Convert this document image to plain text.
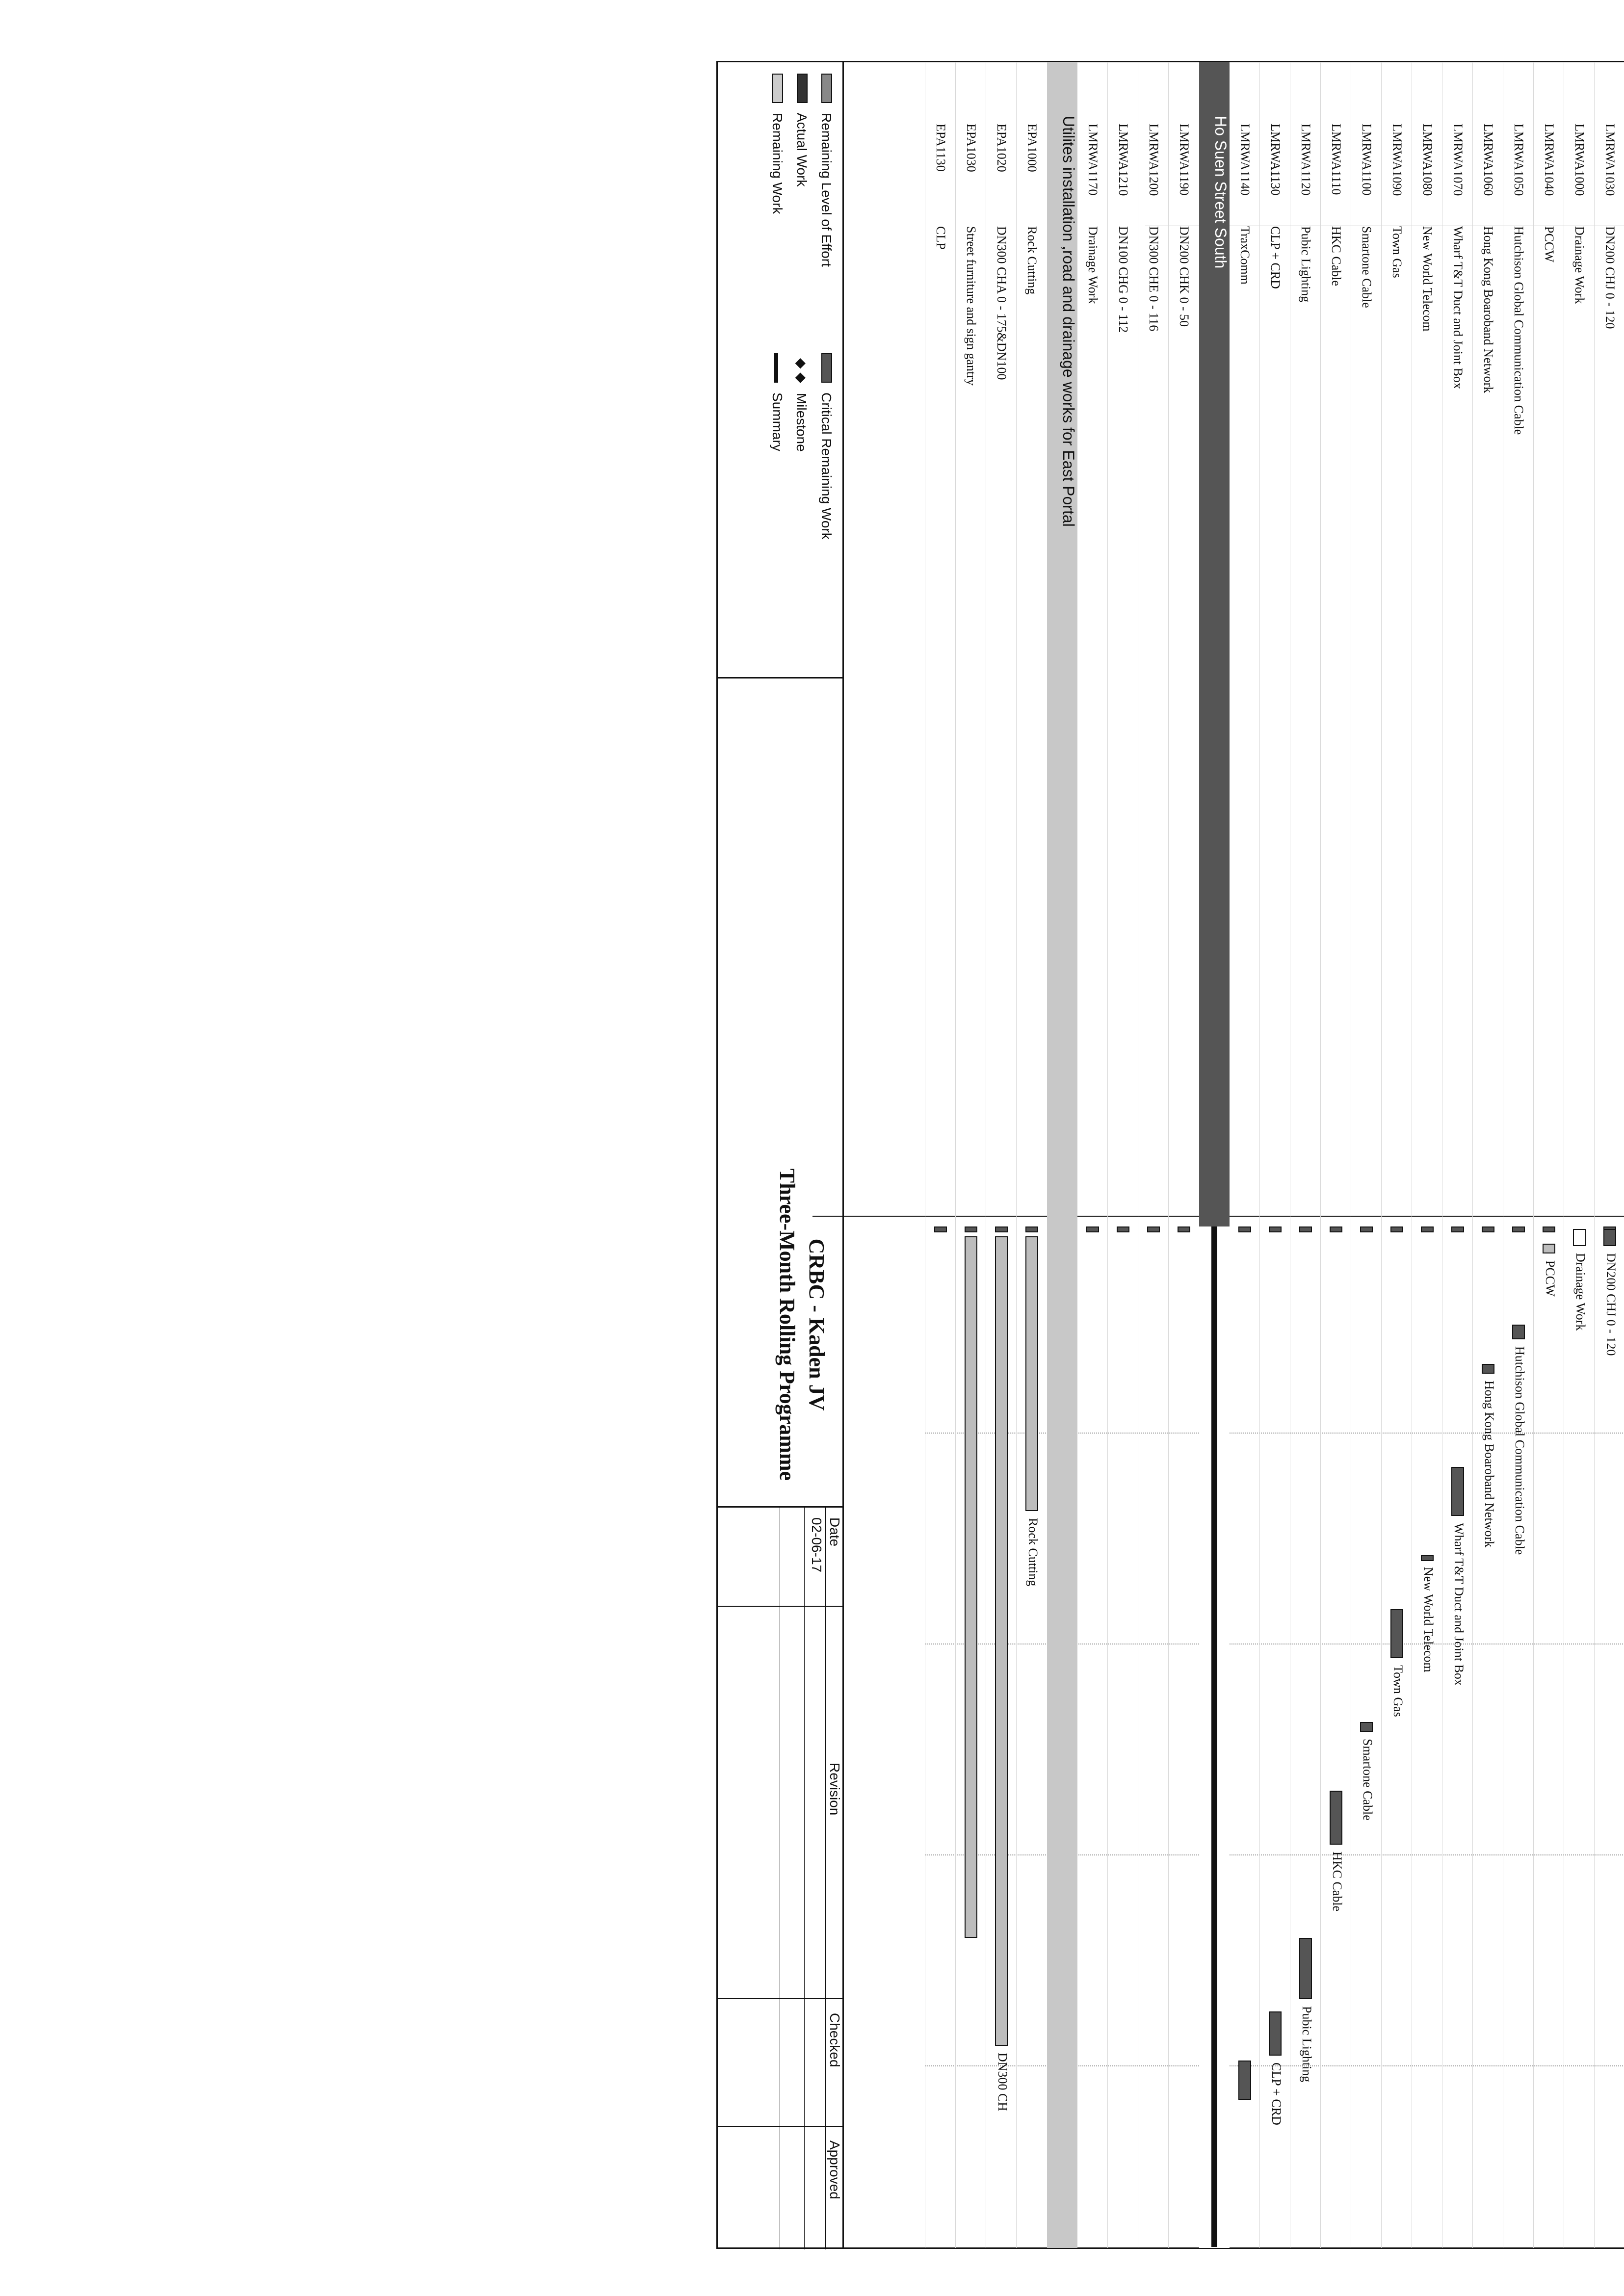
LMRWA1030
DN200 CHJ 0 - 120
DN200 CHJ 0 - 120
LMRWA1000
Drainage Work
Drainage Work
LMRWA1040
PCCW
PCCW
LMRWA1050
Hutchison Global Communication Cable
Hutchison Global Communication Cable
LMRWA1060
Hong Kong Boaroband Network
Hong Kong Boaroband Network
LMRWA1070
Wharf T&T Duct and Joint Box
Wharf T&T Duct and Joint Box
LMRWA1080
New World Telecom
New World Telecom
LMRWA1090
Town Gas
Town Gas
LMRWA1100
Smartone Cable
Smartone Cable
LMRWA1110
HKC Cable
HKC Cable
LMRWA1120
Pubic Lighting
Pubic Lighting
LMRWA1130
CLP + CRD
CLP + CRD
LMRWA1140
TraxComm
Ho Suen Street South
LMRWA1190
DN200 CHK 0 - 50
LMRWA1200
DN300 CHE 0 - 116
LMRWA1210
DN100 CHG 0 - 112
LMRWA1170
Drainage Work
Utilites installation ,road and drainage works for East Portal
EPA1000
Rock Cutting
Rock Cutting
EPA1020
DN300 CHA 0 - 175&DN100
DN300 CH
EPA1030
Street furniture and sign gantry
EPA1130
CLP
Remaining Level of Effort
Actual Work
Remaining Work
Critical Remaining Work
◆ ◆Milestone
Summary
CRBC - Kaden JV
Three-Month Rolling Programme
Date
02-06-17
Revision
Checked
Approved
